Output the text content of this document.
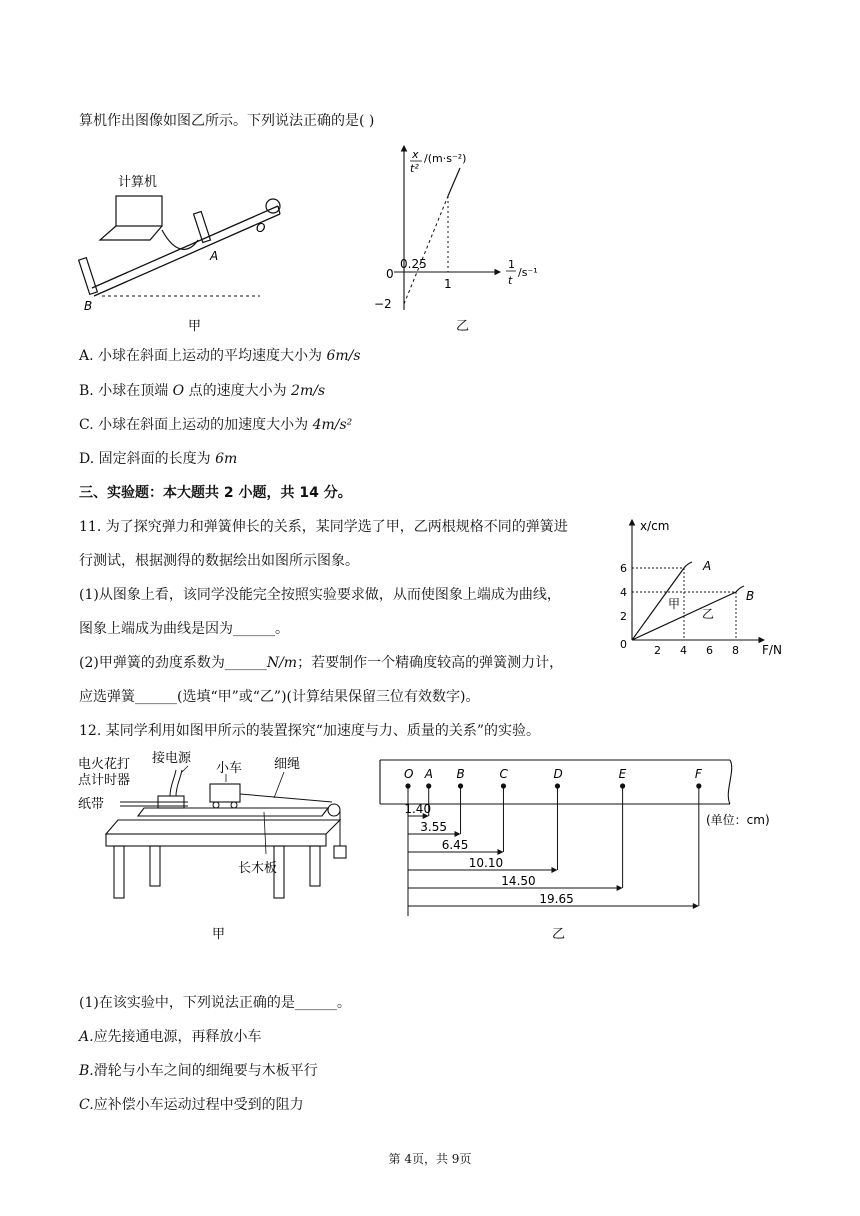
算机作出图像如图乙所示。下列说法正确的是( )
计算机
O
A
B
甲
x
t²
/(m·s⁻²)
1
t
/s⁻¹
0
0.25
1
−2
乙
A. 小球在斜面上运动的平均速度大小为 6m/s
B. 小球在顶端 O 点的速度大小为 2m/s
C. 小球在斜面上运动的加速度大小为 4m/s²
D. 固定斜面的长度为 6m
三、实验题：本大题共 2 小题，共 14 分。
11. 为了探究弹力和弹簧伸长的关系，某同学选了甲，乙两根规格不同的弹簧进
行测试，根据测得的数据绘出如图所示图象。
(1)从图象上看，该同学没能完全按照实验要求做，从而使图象上端成为曲线，
图象上端成为曲线是因为______。
(2)甲弹簧的劲度系数为______N/m；若要制作一个精确度较高的弹簧测力计，
应选弹簧______(选填“甲”或“乙”)(计算结果保留三位有效数字)。
x/cm
F/N
0 2 4 6 8
6
4
2
A
B
甲
乙
12. 某同学利用如图甲所示的装置探究“加速度与力、质量的关系”的实验。
电火花打
点计时器
接电源
小车 细绳
纸带
长木板
甲
O A B	C	D	E	F
1.40
3.55
6.45
10.10
14.50
19.65
(单位：cm)
乙
(1)在该实验中，下列说法正确的是______。
A.应先接通电源，再释放小车
B.滑轮与小车之间的细绳要与木板平行
C.应补偿小车运动过程中受到的阻力
第 4页，共 9页
